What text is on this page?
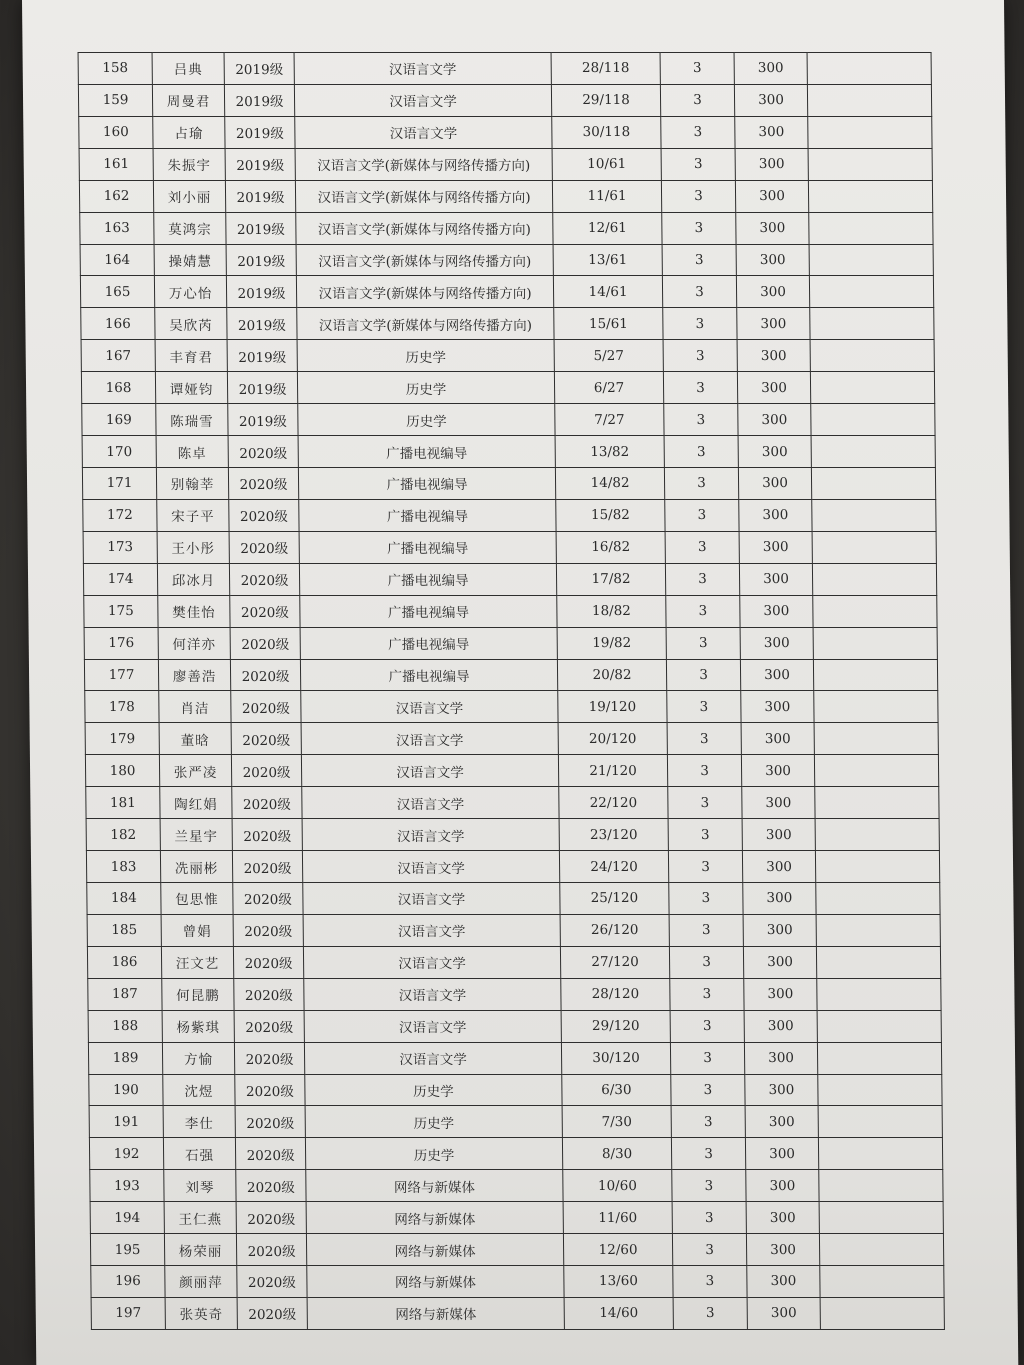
158	吕典	2019级	汉语言文学	28/118	3	300	
159	周曼君	2019级	汉语言文学	29/118	3	300	
160	占瑜	2019级	汉语言文学	30/118	3	300	
161	朱振宇	2019级	汉语言文学(新媒体与网络传播方向)	10/61	3	300	
162	刘小丽	2019级	汉语言文学(新媒体与网络传播方向)	11/61	3	300	
163	莫鸿宗	2019级	汉语言文学(新媒体与网络传播方向)	12/61	3	300	
164	操婧慧	2019级	汉语言文学(新媒体与网络传播方向)	13/61	3	300	
165	万心怡	2019级	汉语言文学(新媒体与网络传播方向)	14/61	3	300	
166	吴欣芮	2019级	汉语言文学(新媒体与网络传播方向)	15/61	3	300	
167	丰育君	2019级	历史学	5/27	3	300	
168	谭娅钧	2019级	历史学	6/27	3	300	
169	陈瑞雪	2019级	历史学	7/27	3	300	
170	陈卓	2020级	广播电视编导	13/82	3	300	
171	别翰莘	2020级	广播电视编导	14/82	3	300	
172	宋子平	2020级	广播电视编导	15/82	3	300	
173	王小彤	2020级	广播电视编导	16/82	3	300	
174	邱冰月	2020级	广播电视编导	17/82	3	300	
175	樊佳怡	2020级	广播电视编导	18/82	3	300	
176	何洋亦	2020级	广播电视编导	19/82	3	300	
177	廖善浩	2020级	广播电视编导	20/82	3	300	
178	肖洁	2020级	汉语言文学	19/120	3	300	
179	董晗	2020级	汉语言文学	20/120	3	300	
180	张严凌	2020级	汉语言文学	21/120	3	300	
181	陶红娟	2020级	汉语言文学	22/120	3	300	
182	兰星宇	2020级	汉语言文学	23/120	3	300	
183	冼丽彬	2020级	汉语言文学	24/120	3	300	
184	包思惟	2020级	汉语言文学	25/120	3	300	
185	曾娟	2020级	汉语言文学	26/120	3	300	
186	汪文艺	2020级	汉语言文学	27/120	3	300	
187	何昆鹏	2020级	汉语言文学	28/120	3	300	
188	杨紫琪	2020级	汉语言文学	29/120	3	300	
189	方愉	2020级	汉语言文学	30/120	3	300	
190	沈煜	2020级	历史学	6/30	3	300	
191	李仕	2020级	历史学	7/30	3	300	
192	石强	2020级	历史学	8/30	3	300	
193	刘琴	2020级	网络与新媒体	10/60	3	300	
194	王仁燕	2020级	网络与新媒体	11/60	3	300	
195	杨荣丽	2020级	网络与新媒体	12/60	3	300	
196	颜丽萍	2020级	网络与新媒体	13/60	3	300	
197	张英奇	2020级	网络与新媒体	14/60	3	300	
